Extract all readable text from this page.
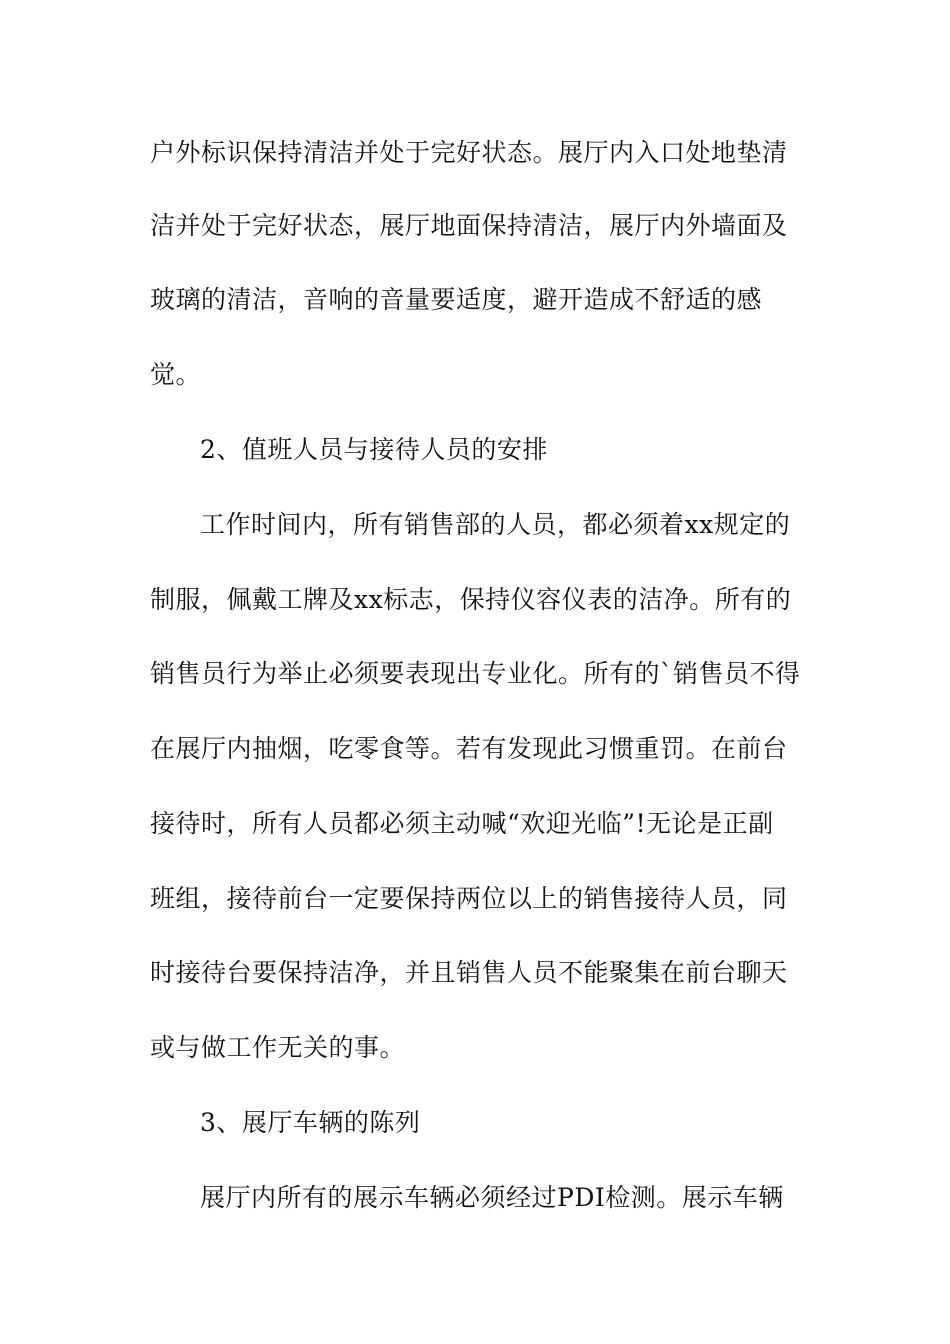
户外标识保持清洁并处于完好状态。展厅内入口处地垫清
洁并处于完好状态，展厅地面保持清洁，展厅内外墙面及
玻璃的清洁，音响的音量要适度，避开造成不舒适的感
觉。
2、值班人员与接待人员的安排
工作时间内，所有销售部的人员，都必须着xx规定的
制服，佩戴工牌及xx标志，保持仪容仪表的洁净。所有的
销售员行为举止必须要表现出专业化。所有的`销售员不得
在展厅内抽烟，吃零食等。若有发现此习惯重罚。在前台
接待时，所有人员都必须主动喊“欢迎光临”!无论是正副
班组，接待前台一定要保持两位以上的销售接待人员，同
时接待台要保持洁净，并且销售人员不能聚集在前台聊天
或与做工作无关的事。
3、展厅车辆的陈列
展厅内所有的展示车辆必须经过PDI检测。展示车辆
